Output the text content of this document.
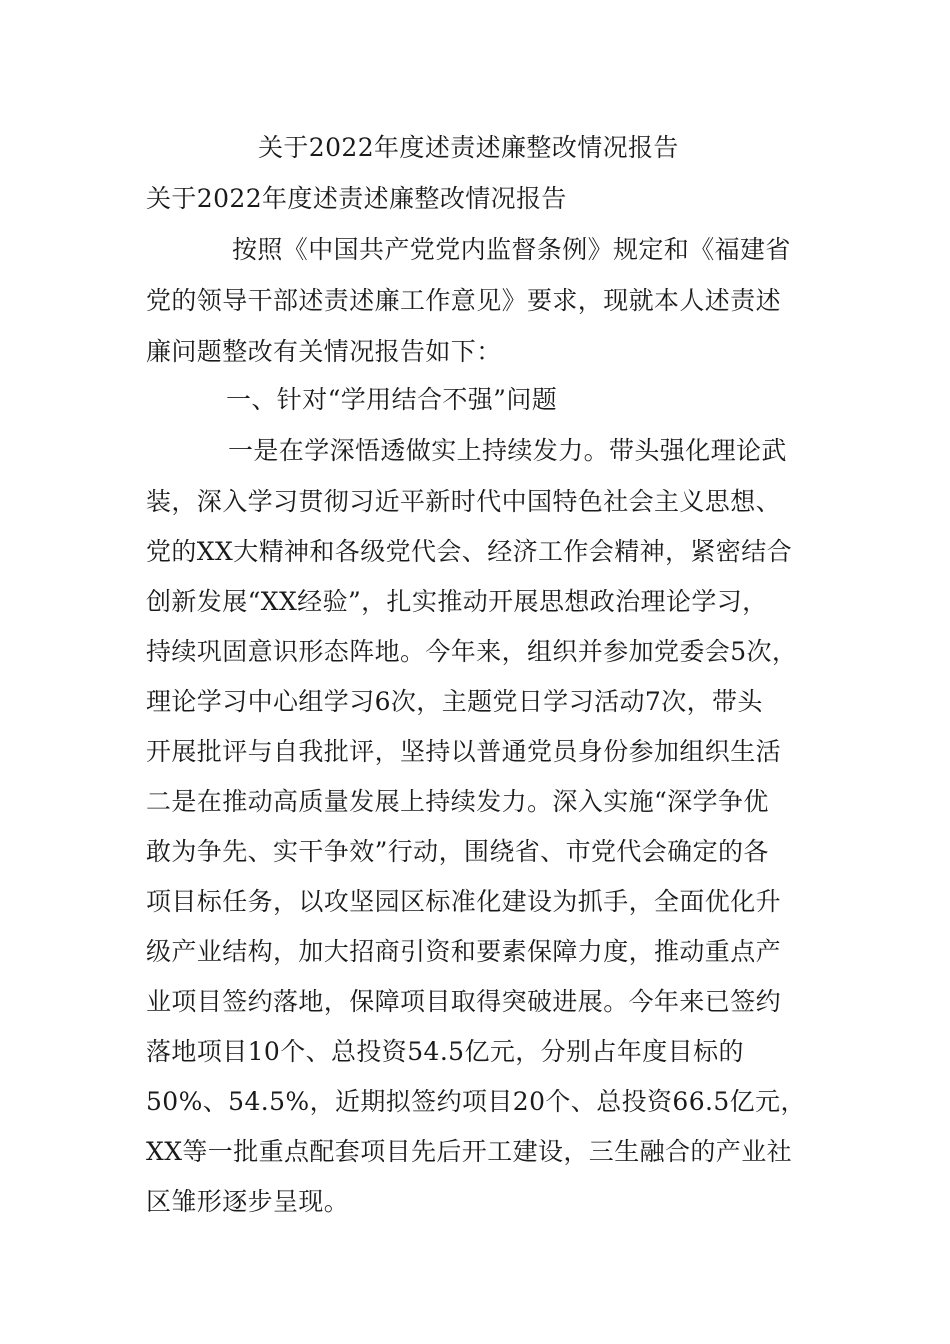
关于2022年度述责述廉整改情况报告
关于2022年度述责述廉整改情况报告
按照《中国共产党党内监督条例》规定和《福建省
党的领导干部述责述廉工作意见》要求，现就本人述责述
廉问题整改有关情况报告如下：
一、针对“学用结合不强”问题
一是在学深悟透做实上持续发力。带头强化理论武
装，深入学习贯彻习近平新时代中国特色社会主义思想、
党的XX大精神和各级党代会、经济工作会精神，紧密结合
创新发展“XX经验”，扎实推动开展思想政治理论学习，
持续巩固意识形态阵地。今年来，组织并参加党委会5次，
理论学习中心组学习6次，主题党日学习活动7次，带头
开展批评与自我批评，坚持以普通党员身份参加组织生活
二是在推动高质量发展上持续发力。深入实施“深学争优
敢为争先、实干争效”行动，围绕省、市党代会确定的各
项目标任务，以攻坚园区标准化建设为抓手，全面优化升
级产业结构，加大招商引资和要素保障力度，推动重点产
业项目签约落地，保障项目取得突破进展。今年来已签约
落地项目10个、总投资54.5亿元，分别占年度目标的
50%、54.5%，近期拟签约项目20个、总投资66.5亿元，
XX等一批重点配套项目先后开工建设，三生融合的产业社
区雏形逐步呈现。
